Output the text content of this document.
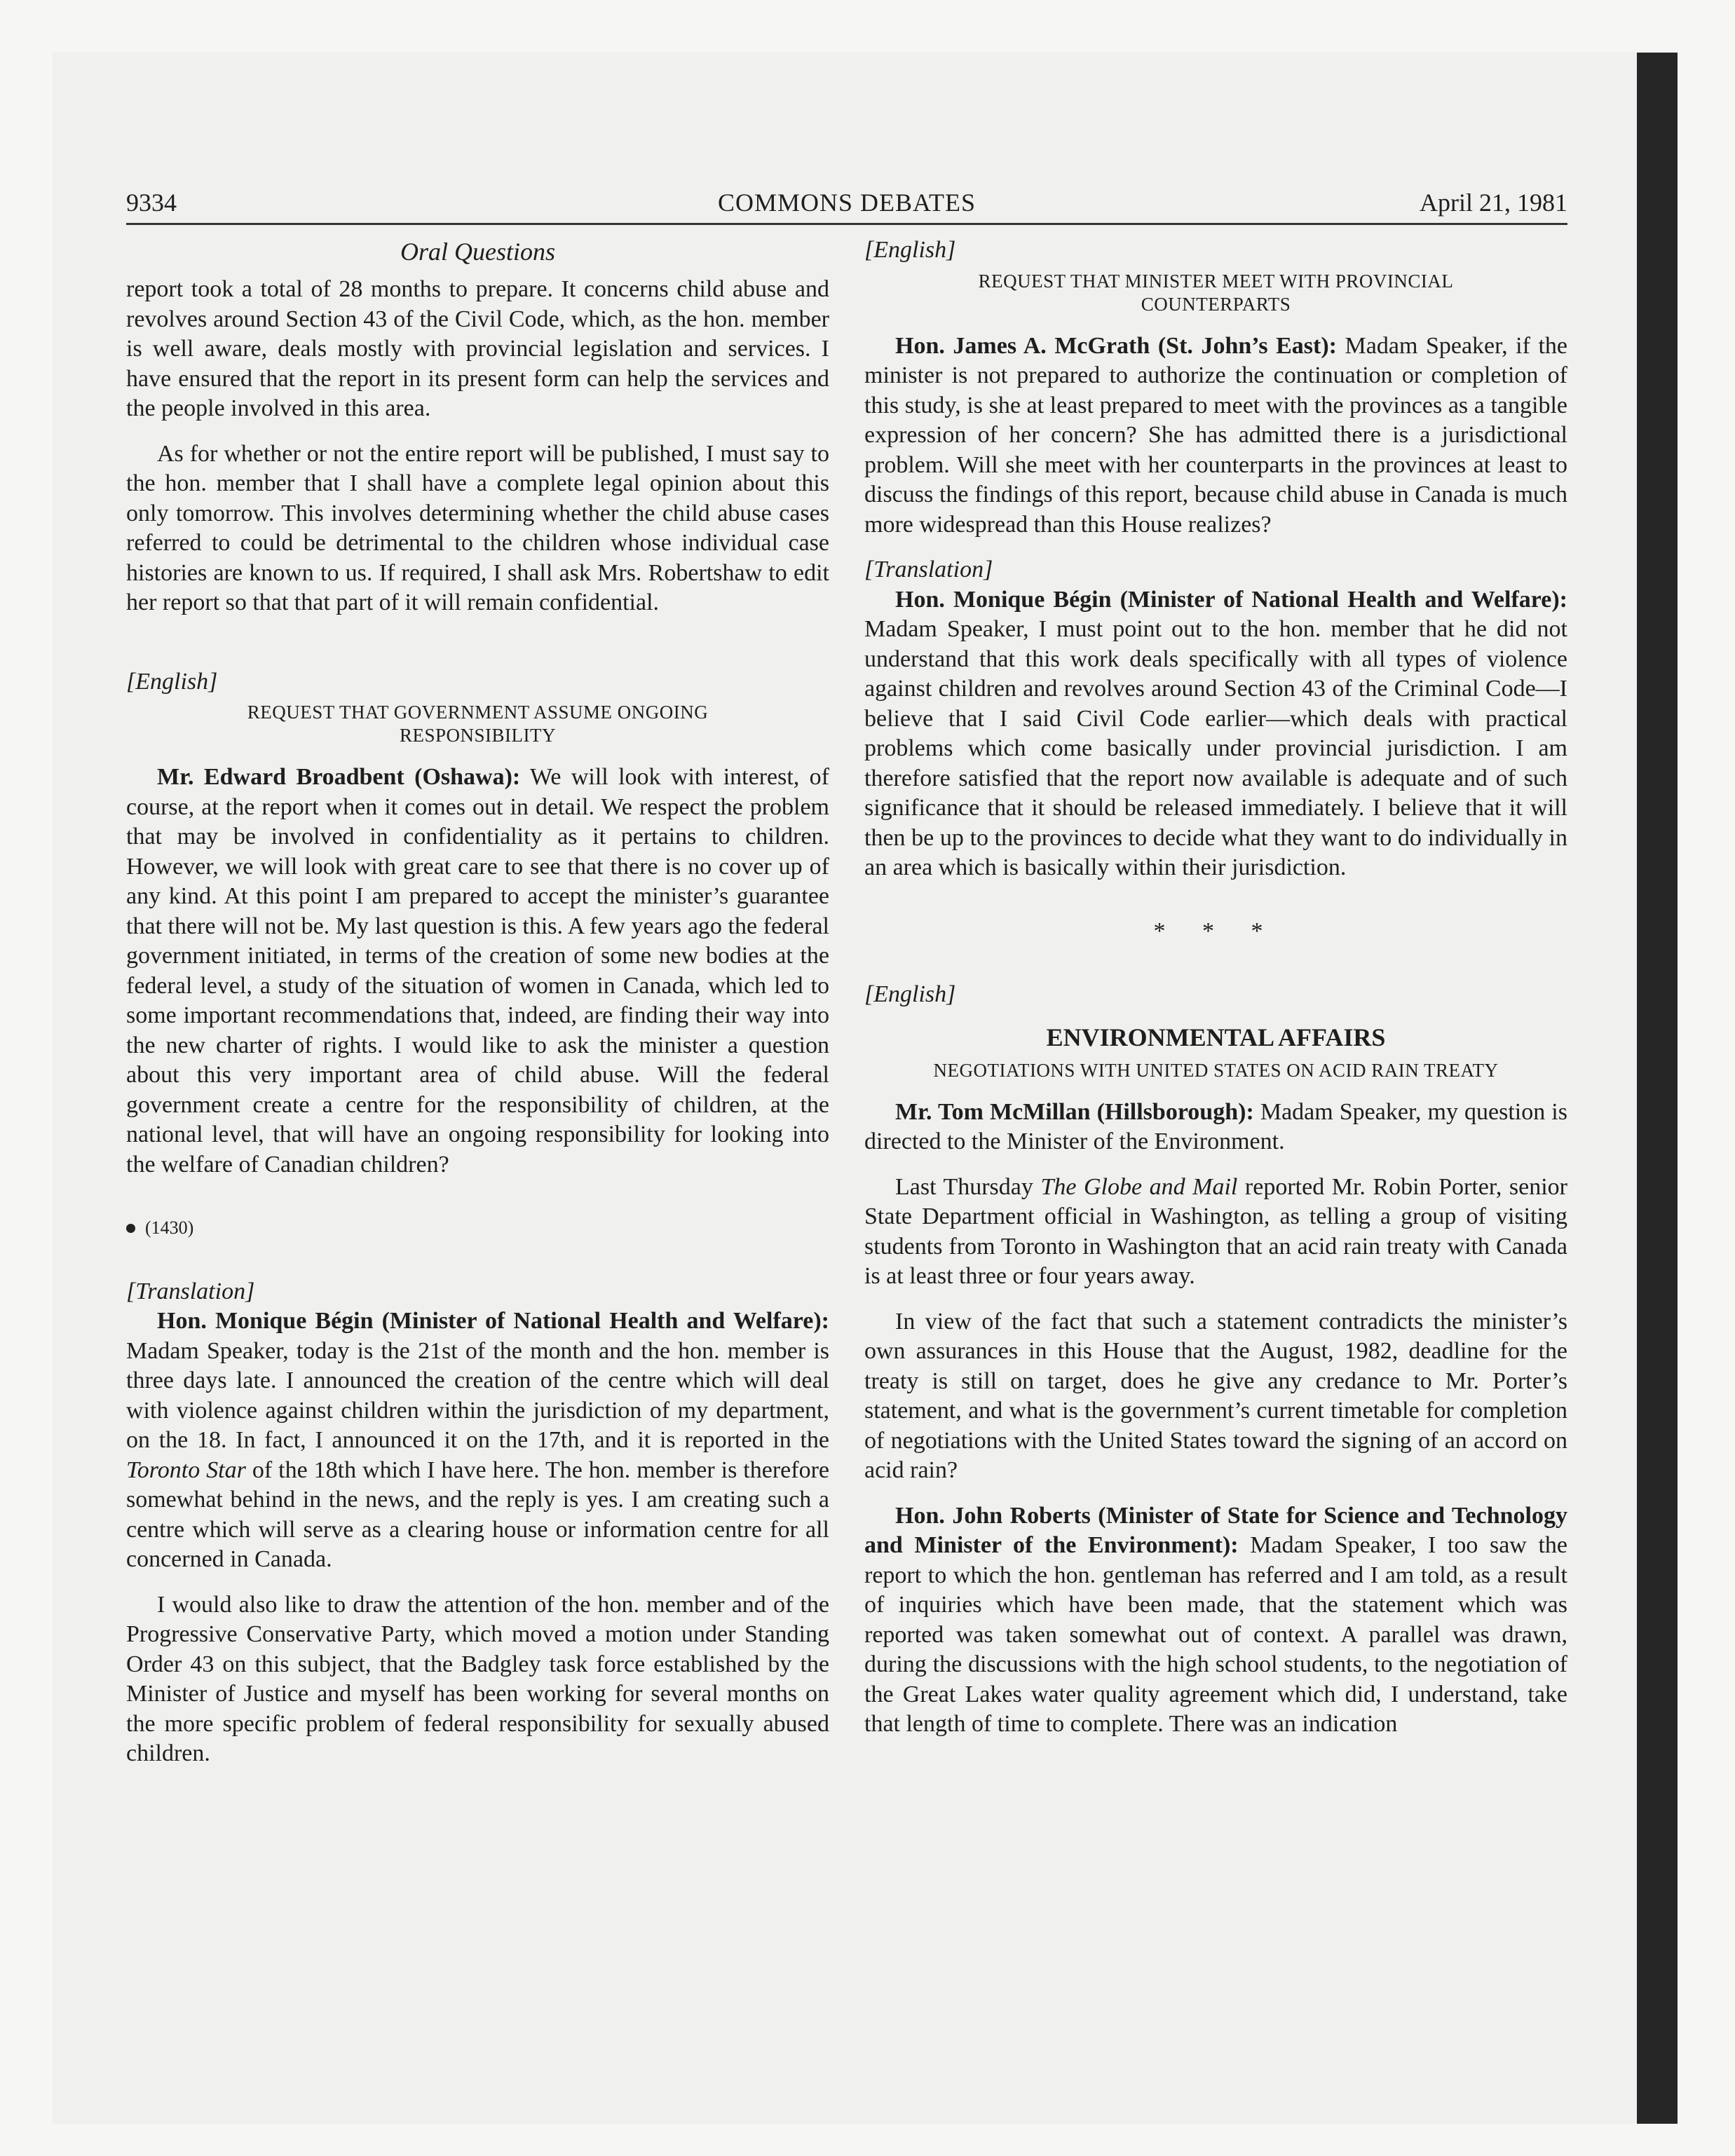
9334	COMMONS DEBATES	April 21, 1981
Oral Questions

report took a total of 28 months to prepare. It concerns child abuse and revolves around Section 43 of the Civil Code, which, as the hon. member is well aware, deals mostly with provincial legislation and services. I have ensured that the report in its present form can help the services and the people involved in this area.

As for whether or not the entire report will be published, I must say to the hon. member that I shall have a complete legal opinion about this only tomorrow. This involves determining whether the child abuse cases referred to could be detrimental to the children whose individual case histories are known to us. If required, I shall ask Mrs. Robertshaw to edit her report so that that part of it will remain confidential.

[English]
REQUEST THAT GOVERNMENT ASSUME ONGOING RESPONSIBILITY

Mr. Edward Broadbent (Oshawa): We will look with interest, of course, at the report when it comes out in detail. We respect the problem that may be involved in confidentiality as it pertains to children. However, we will look with great care to see that there is no cover up of any kind. At this point I am prepared to accept the minister’s guarantee that there will not be. My last question is this. A few years ago the federal government initiated, in terms of the creation of some new bodies at the federal level, a study of the situation of women in Canada, which led to some important recommendations that, indeed, are finding their way into the new charter of rights. I would like to ask the minister a question about this very important area of child abuse. Will the federal government create a centre for the responsibility of children, at the national level, that will have an ongoing responsibility for looking into the welfare of Canadian children?

(1430)
[Translation]

Hon. Monique Bégin (Minister of National Health and Welfare): Madam Speaker, today is the 21st of the month and the hon. member is three days late. I announced the creation of the centre which will deal with violence against children within the jurisdiction of my department, on the 18. In fact, I announced it on the 17th, and it is reported in the Toronto Star of the 18th which I have here. The hon. member is therefore somewhat behind in the news, and the reply is yes. I am creating such a centre which will serve as a clearing house or information centre for all concerned in Canada.

I would also like to draw the attention of the hon. member and of the Progressive Conservative Party, which moved a motion under Standing Order 43 on this subject, that the Badgley task force established by the Minister of Justice and myself has been working for several months on the more specific problem of federal responsibility for sexually abused children.

[English]
REQUEST THAT MINISTER MEET WITH PROVINCIAL COUNTERPARTS

Hon. James A. McGrath (St. John’s East): Madam Speaker, if the minister is not prepared to authorize the continuation or completion of this study, is she at least prepared to meet with the provinces as a tangible expression of her concern? She has admitted there is a jurisdictional problem. Will she meet with her counterparts in the provinces at least to discuss the findings of this report, because child abuse in Canada is much more widespread than this House realizes?

[Translation]

Hon. Monique Bégin (Minister of National Health and Welfare): Madam Speaker, I must point out to the hon. member that he did not understand that this work deals specifically with all types of violence against children and revolves around Section 43 of the Criminal Code—I believe that I said Civil Code earlier—which deals with practical problems which come basically under provincial jurisdiction. I am therefore satisfied that the report now available is adequate and of such significance that it should be released immediately. I believe that it will then be up to the provinces to decide what they want to do individually in an area which is basically within their jurisdiction.

* * *
[English]
ENVIRONMENTAL AFFAIRS
NEGOTIATIONS WITH UNITED STATES ON ACID RAIN TREATY

Mr. Tom McMillan (Hillsborough): Madam Speaker, my question is directed to the Minister of the Environment.

Last Thursday The Globe and Mail reported Mr. Robin Porter, senior State Department official in Washington, as telling a group of visiting students from Toronto in Washington that an acid rain treaty with Canada is at least three or four years away.

In view of the fact that such a statement contradicts the minister’s own assurances in this House that the August, 1982, deadline for the treaty is still on target, does he give any credance to Mr. Porter’s statement, and what is the government’s current timetable for completion of negotiations with the United States toward the signing of an accord on acid rain?

Hon. John Roberts (Minister of State for Science and Technology and Minister of the Environment): Madam Speaker, I too saw the report to which the hon. gentleman has referred and I am told, as a result of inquiries which have been made, that the statement which was reported was taken somewhat out of context. A parallel was drawn, during the discussions with the high school students, to the negotiation of the Great Lakes water quality agreement which did, I understand, take that length of time to complete. There was an indication
